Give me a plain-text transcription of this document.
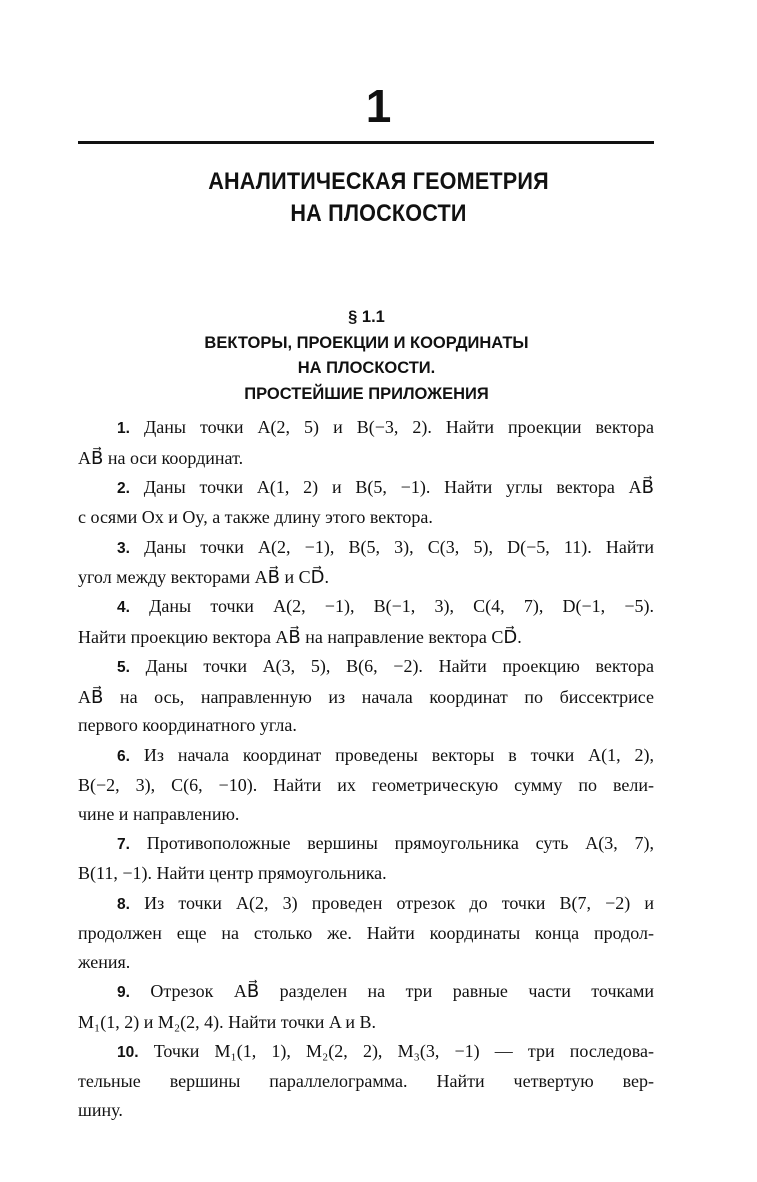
1
АНАЛИТИЧЕСКАЯ ГЕОМЕТРИЯ
НА ПЛОСКОСТИ
§ 1.1
ВЕКТОРЫ, ПРОЕКЦИИ И КООРДИНАТЫ
НА ПЛОСКОСТИ.
ПРОСТЕЙШИЕ ПРИЛОЖЕНИЯ
1. Даны точки A(2, 5) и B(−3, 2). Найти проекции вектора
AB⃗ на оси координат.
2. Даны точки A(1, 2) и B(5, −1). Найти углы вектора AB⃗
с осями Ox и Oy, а также длину этого вектора.
3. Даны точки A(2, −1), B(5, 3), C(3, 5), D(−5, 11). Найти
угол между векторами AB⃗ и CD⃗.
4. Даны точки A(2, −1), B(−1, 3), C(4, 7), D(−1, −5).
Найти проекцию вектора AB⃗ на направление вектора CD⃗.
5. Даны точки A(3, 5), B(6, −2). Найти проекцию вектора
AB⃗ на ось, направленную из начала координат по биссектрисе
первого координатного угла.
6. Из начала координат проведены векторы в точки A(1, 2),
B(−2, 3), C(6, −10). Найти их геометрическую сумму по вели-
чине и направлению.
7. Противоположные вершины прямоугольника суть A(3, 7),
B(11, −1). Найти центр прямоугольника.
8. Из точки A(2, 3) проведен отрезок до точки B(7, −2) и
продолжен еще на столько же. Найти координаты конца продол-
жения.
9. Отрезок AB⃗ разделен на три равные части точками
M₁(1, 2) и M₂(2, 4). Найти точки A и B.
10. Точки M₁(1, 1), M₂(2, 2), M₃(3, −1) — три последова-
тельные вершины параллелограмма. Найти четвертую вер-
шину.
